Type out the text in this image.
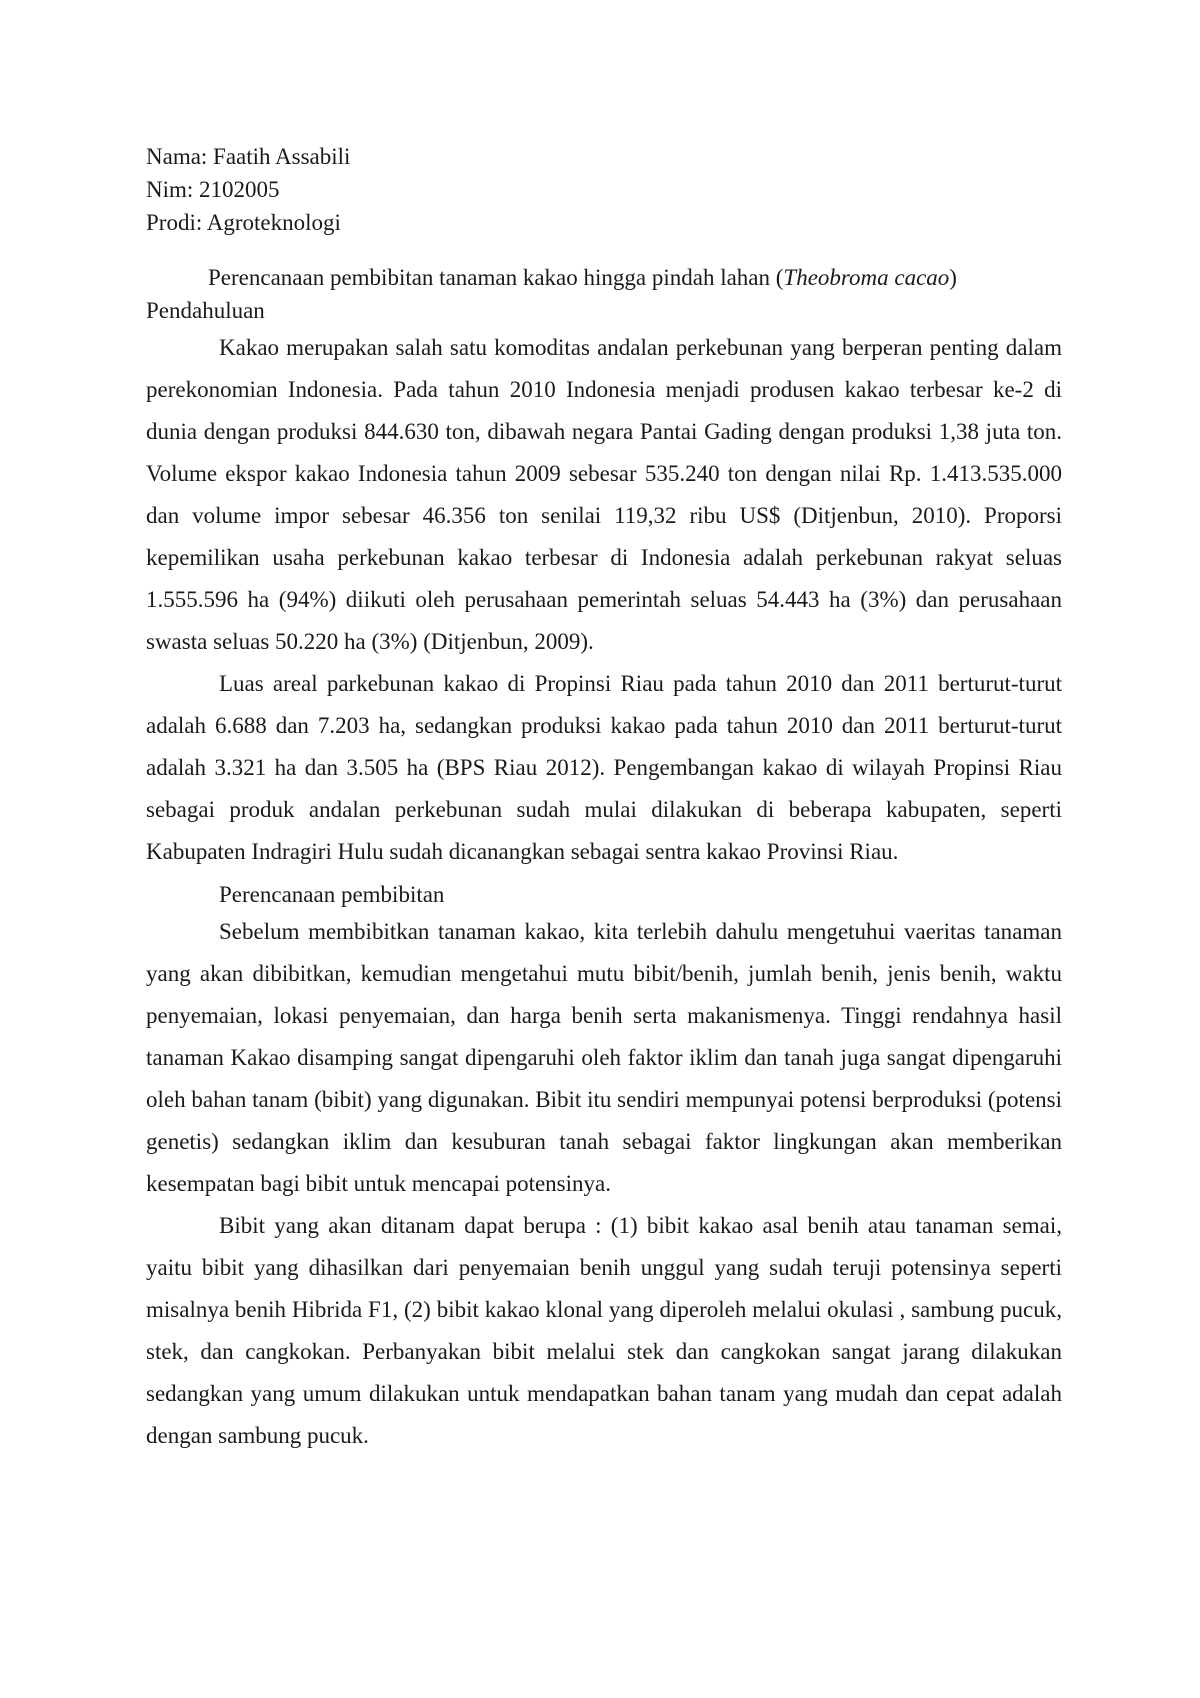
Nama: Faatih Assabili

Nim: 2102005

Prodi: Agroteknologi

Perencanaan pembibitan tanaman kakao hingga pindah lahan (Theobroma cacao)

Pendahuluan

Kakao merupakan salah satu komoditas andalan perkebunan yang berperan penting dalam perekonomian Indonesia. Pada tahun 2010 Indonesia menjadi produsen kakao terbesar ke-2 di dunia dengan produksi 844.630 ton, dibawah negara Pantai Gading dengan produksi 1,38 juta ton. Volume ekspor kakao Indonesia tahun 2009 sebesar 535.240 ton dengan nilai Rp. 1.413.535.000 dan volume impor sebesar 46.356 ton senilai 119,32 ribu US$ (Ditjenbun, 2010). Proporsi kepemilikan usaha perkebunan kakao terbesar di Indonesia adalah perkebunan rakyat seluas 1.555.596 ha (94%) diikuti oleh perusahaan pemerintah seluas 54.443 ha (3%) dan perusahaan swasta seluas 50.220 ha (3%) (Ditjenbun, 2009).

Luas areal parkebunan kakao di Propinsi Riau pada tahun 2010 dan 2011 berturut-turut adalah 6.688 dan 7.203 ha, sedangkan produksi kakao pada tahun 2010 dan 2011 berturut-turut adalah 3.321 ha dan 3.505 ha (BPS Riau 2012). Pengembangan kakao di wilayah Propinsi Riau sebagai produk andalan perkebunan sudah mulai dilakukan di beberapa kabupaten, seperti Kabupaten Indragiri Hulu sudah dicanangkan sebagai sentra kakao Provinsi Riau.

Perencanaan pembibitan

Sebelum membibitkan tanaman kakao, kita terlebih dahulu mengetuhui vaeritas tanaman yang akan dibibitkan, kemudian mengetahui mutu bibit/benih, jumlah benih, jenis benih, waktu penyemaian, lokasi penyemaian, dan harga benih serta makanismenya. Tinggi rendahnya hasil tanaman Kakao disamping sangat dipengaruhi oleh faktor iklim dan tanah juga sangat dipengaruhi oleh bahan tanam (bibit) yang digunakan. Bibit itu sendiri mempunyai potensi berproduksi (potensi genetis) sedangkan iklim dan kesuburan tanah sebagai faktor lingkungan akan memberikan kesempatan bagi bibit untuk mencapai potensinya.

Bibit yang akan ditanam dapat berupa : (1) bibit kakao asal benih atau tanaman semai, yaitu bibit yang dihasilkan dari penyemaian benih unggul yang sudah teruji potensinya seperti misalnya benih Hibrida F1, (2) bibit kakao klonal yang diperoleh melalui okulasi , sambung pucuk, stek, dan cangkokan. Perbanyakan bibit melalui stek dan cangkokan sangat jarang dilakukan sedangkan yang umum dilakukan untuk mendapatkan bahan tanam yang mudah dan cepat adalah dengan sambung pucuk.
